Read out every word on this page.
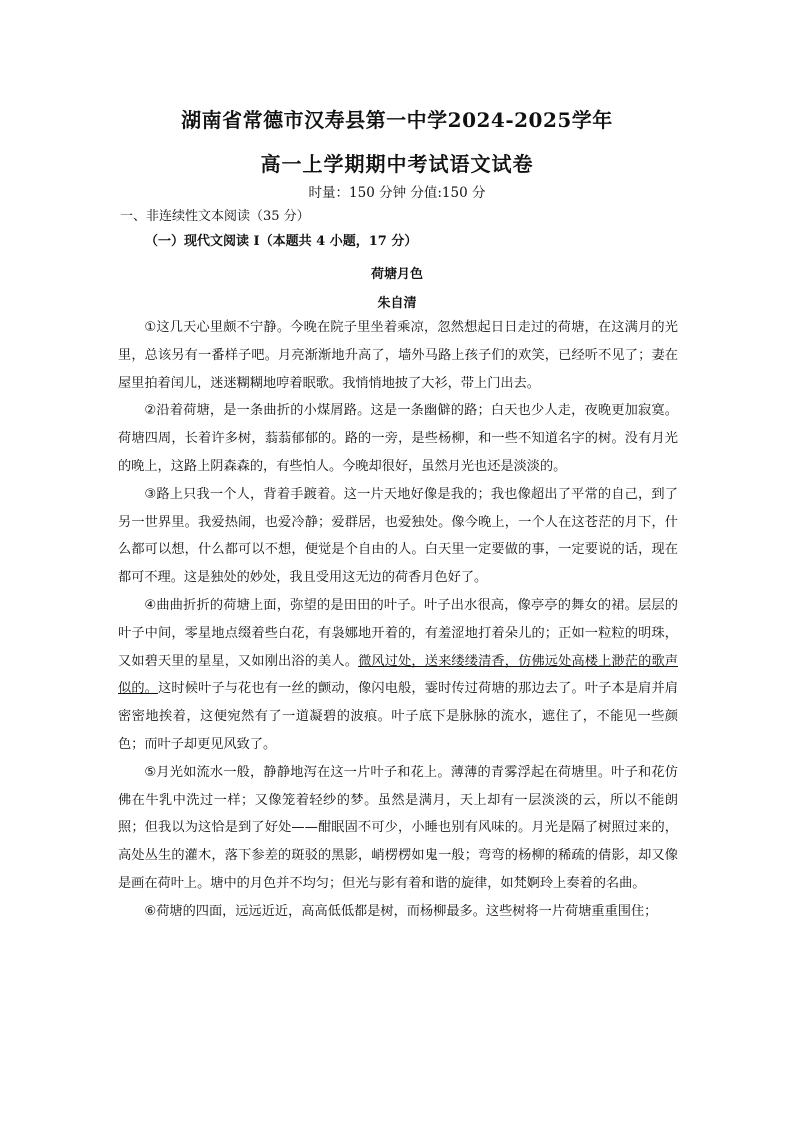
湖南省常德市汉寿县第一中学2024-2025学年
高一上学期期中考试语文试卷
时量：150 分钟 分值:150 分
一、非连续性文本阅读（35 分）
（一）现代文阅读 I（本题共 4 小题，17 分）
荷塘月色
朱自清

①这几天心里颇不宁静。今晚在院子里坐着乘凉，忽然想起日日走过的荷塘，在这满月的光里，总该另有一番样子吧。月亮渐渐地升高了，墙外马路上孩子们的欢笑，已经听不见了；妻在屋里拍着闰儿，迷迷糊糊地哼着眠歌。我悄悄地披了大衫，带上门出去。

②沿着荷塘，是一条曲折的小煤屑路。这是一条幽僻的路；白天也少人走，夜晚更加寂寞。荷塘四周，长着许多树，蓊蓊郁郁的。路的一旁，是些杨柳，和一些不知道名字的树。没有月光的晚上，这路上阴森森的，有些怕人。今晚却很好，虽然月光也还是淡淡的。

③路上只我一个人，背着手踱着。这一片天地好像是我的；我也像超出了平常的自己，到了另一世界里。我爱热闹，也爱冷静；爱群居，也爱独处。像今晚上，一个人在这苍茫的月下，什么都可以想，什么都可以不想，便觉是个自由的人。白天里一定要做的事，一定要说的话，现在都可不理。这是独处的妙处，我且受用这无边的荷香月色好了。

④曲曲折折的荷塘上面，弥望的是田田的叶子。叶子出水很高，像亭亭的舞女的裙。层层的叶子中间，零星地点缀着些白花，有袅娜地开着的，有羞涩地打着朵儿的；正如一粒粒的明珠，又如碧天里的星星，又如刚出浴的美人。微风过处，送来缕缕清香，仿佛远处高楼上渺茫的歌声似的。这时候叶子与花也有一丝的颤动，像闪电般，霎时传过荷塘的那边去了。叶子本是肩并肩密密地挨着，这便宛然有了一道凝碧的波痕。叶子底下是脉脉的流水，遮住了，不能见一些颜色；而叶子却更见风致了。

⑤月光如流水一般，静静地泻在这一片叶子和花上。薄薄的青雾浮起在荷塘里。叶子和花仿佛在牛乳中洗过一样；又像笼着轻纱的梦。虽然是满月，天上却有一层淡淡的云，所以不能朗照；但我以为这恰是到了好处——酣眠固不可少，小睡也别有风味的。月光是隔了树照过来的，高处丛生的灌木，落下参差的斑驳的黑影，峭楞楞如鬼一般；弯弯的杨柳的稀疏的倩影，却又像是画在荷叶上。塘中的月色并不均匀；但光与影有着和谐的旋律，如梵婀玲上奏着的名曲。

⑥荷塘的四面，远远近近，高高低低都是树，而杨柳最多。这些树将一片荷塘重重围住；
